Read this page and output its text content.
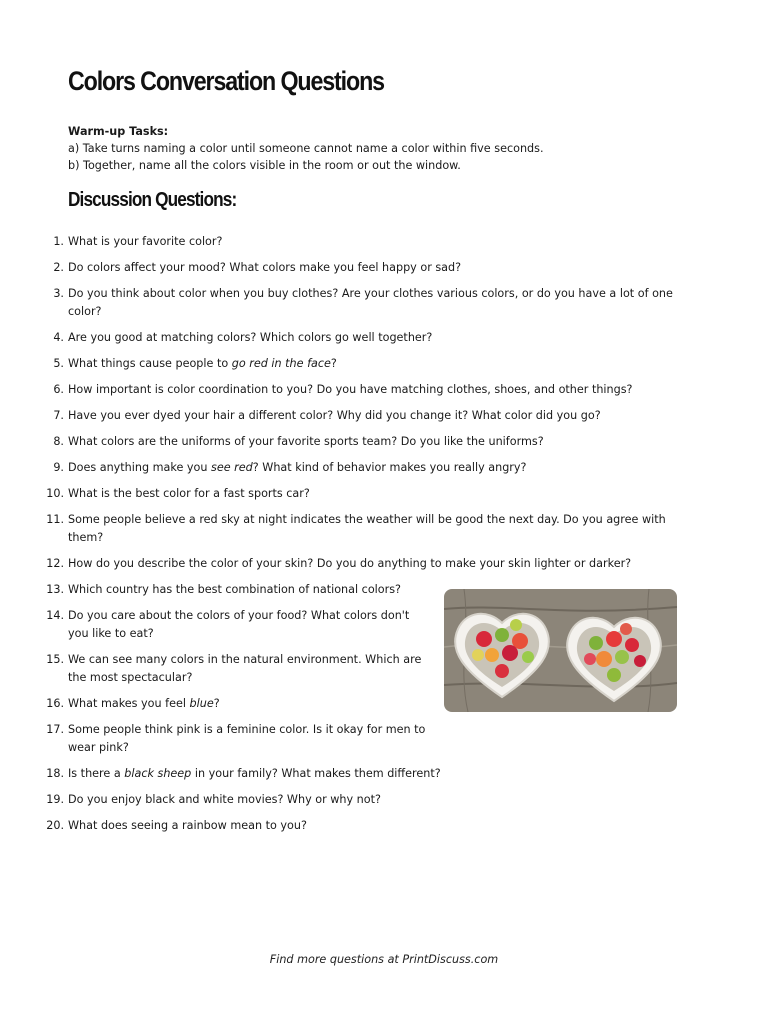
Colors Conversation Questions
Warm-up Tasks:
a) Take turns naming a color until someone cannot name a color within five seconds.
b) Together, name all the colors visible in the room or out the window.
Discussion Questions:
1. What is your favorite color?
2. Do colors affect your mood? What colors make you feel happy or sad?
3. Do you think about color when you buy clothes? Are your clothes various colors, or do you have a lot of one color?
4. Are you good at matching colors? Which colors go well together?
5. What things cause people to go red in the face?
6. How important is color coordination to you? Do you have matching clothes, shoes, and other things?
7. Have you ever dyed your hair a different color? Why did you change it? What color did you go?
8. What colors are the uniforms of your favorite sports team? Do you like the uniforms?
9. Does anything make you see red? What kind of behavior makes you really angry?
10. What is the best color for a fast sports car?
11. Some people believe a red sky at night indicates the weather will be good the next day. Do you agree with them?
12. How do you describe the color of your skin? Do you do anything to make your skin lighter or darker?
13. Which country has the best combination of national colors?
14. Do you care about the colors of your food? What colors don't you like to eat?
15. We can see many colors in the natural environment. Which are the most spectacular?
16. What makes you feel blue?
17. Some people think pink is a feminine color. Is it okay for men to wear pink?
18. Is there a black sheep in your family? What makes them different?
19. Do you enjoy black and white movies? Why or why not?
20. What does seeing a rainbow mean to you?
Find more questions at PrintDiscuss.com
